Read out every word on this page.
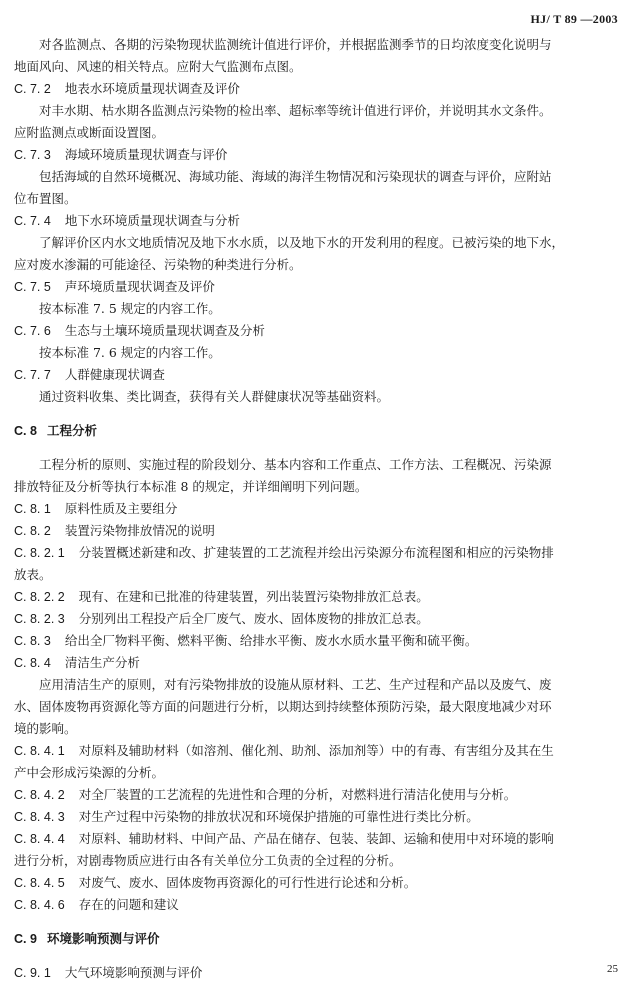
HJ/ T 89 —2003
对各监测点、各期的污染物现状监测统计值进行评价，并根据监测季节的日均浓度变化说明与
地面风向、风速的相关特点。应附大气监测布点图。
C. 7. 2 地表水环境质量现状调查及评价
对丰水期、枯水期各监测点污染物的检出率、超标率等统计值进行评价，并说明其水文条件。
应附监测点或断面设置图。
C. 7. 3 海域环境质量现状调查与评价
包括海域的自然环境概况、海域功能、海域的海洋生物情况和污染现状的调查与评价，应附站
位布置图。
C. 7. 4 地下水环境质量现状调查与分析
了解评价区内水文地质情况及地下水水质，以及地下水的开发利用的程度。已被污染的地下水，
应对废水渗漏的可能途径、污染物的种类进行分析。
C. 7. 5 声环境质量现状调查及评价
按本标准 7. 5 规定的内容工作。
C. 7. 6 生态与土壤环境质量现状调查及分析
按本标准 7. 6 规定的内容工作。
C. 7. 7 人群健康现状调查
通过资料收集、类比调查，获得有关人群健康状况等基础资料。
C. 8 工程分析
工程分析的原则、实施过程的阶段划分、基本内容和工作重点、工作方法、工程概况、污染源
排放特征及分析等执行本标准 8 的规定，并详细阐明下列问题。
C. 8. 1 原料性质及主要组分
C. 8. 2 装置污染物排放情况的说明
C. 8. 2. 1 分装置概述新建和改、扩建装置的工艺流程并绘出污染源分布流程图和相应的污染物排
放表。
C. 8. 2. 2 现有、在建和已批准的待建装置，列出装置污染物排放汇总表。
C. 8. 2. 3 分别列出工程投产后全厂废气、废水、固体废物的排放汇总表。
C. 8. 3 给出全厂物料平衡、燃料平衡、给排水平衡、废水水质水量平衡和硫平衡。
C. 8. 4 清洁生产分析
应用清洁生产的原则，对有污染物排放的设施从原材料、工艺、生产过程和产品以及废气、废
水、固体废物再资源化等方面的问题进行分析，以期达到持续整体预防污染，最大限度地减少对环
境的影响。
C. 8. 4. 1 对原料及辅助材料（如溶剂、催化剂、助剂、添加剂等）中的有毒、有害组分及其在生
产中会形成污染源的分析。
C. 8. 4. 2 对全厂装置的工艺流程的先进性和合理的分析，对燃料进行清洁化使用与分析。
C. 8. 4. 3 对生产过程中污染物的排放状况和环境保护措施的可靠性进行类比分析。
C. 8. 4. 4 对原料、辅助材料、中间产品、产品在储存、包装、装卸、运输和使用中对环境的影响
进行分析，对剧毒物质应进行由各有关单位分工负责的全过程的分析。
C. 8. 4. 5 对废气、废水、固体废物再资源化的可行性进行论述和分析。
C. 8. 4. 6 存在的问题和建议
C. 9 环境影响预测与评价
C. 9. 1 大气环境影响预测与评价	25
